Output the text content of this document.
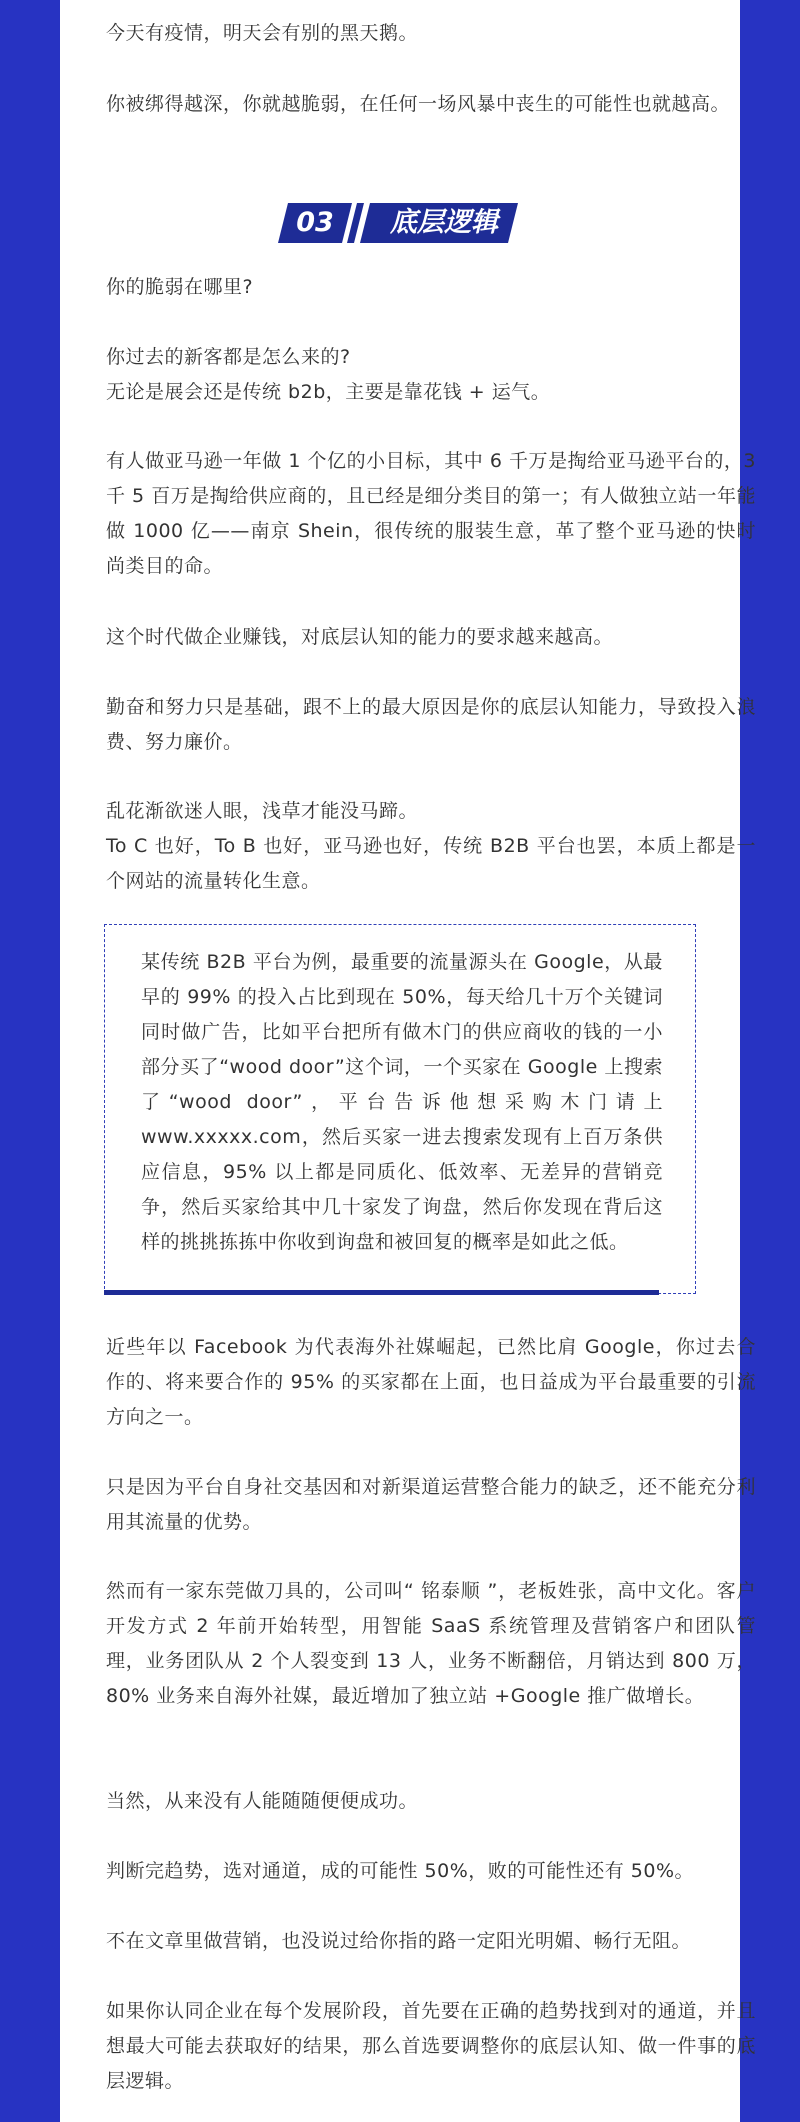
今天有疫情，明天会有别的黑天鹅。

你被绑得越深，你就越脆弱，在任何一场风暴中丧生的可能性也就越高。

03	底层逻辑

你的脆弱在哪里?

你过去的新客都是怎么来的?

无论是展会还是传统 b2b，主要是靠花钱 + 运气。

有人做亚马逊一年做 1 个亿的小目标，其中 6 千万是掏给亚马逊平台的，3 千 5 百万是掏给供应商的，且已经是细分类目的第一；有人做独立站一年能做 1000 亿——南京 Shein，很传统的服装生意，革了整个亚马逊的快时尚类目的命。

这个时代做企业赚钱，对底层认知的能力的要求越来越高。

勤奋和努力只是基础，跟不上的最大原因是你的底层认知能力，导致投入浪费、努力廉价。

乱花渐欲迷人眼，浅草才能没马蹄。

To C 也好，To B 也好，亚马逊也好，传统 B2B 平台也罢，本质上都是一个网站的流量转化生意。

某传统 B2B 平台为例，最重要的流量源头在 Google，从最早的 99% 的投入占比到现在 50%，每天给几十万个关键词同时做广告，比如平台把所有做木门的供应商收的钱的一小部分买了“wood door”这个词，一个买家在 Google 上搜索了“wood door”，平台告诉他想采购木门请上 www.xxxxx.com，然后买家一进去搜索发现有上百万条供应信息，95% 以上都是同质化、低效率、无差异的营销竞争，然后买家给其中几十家发了询盘，然后你发现在背后这样的挑挑拣拣中你收到询盘和被回复的概率是如此之低。

近些年以 Facebook 为代表海外社媒崛起，已然比肩 Google，你过去合作的、将来要合作的 95% 的买家都在上面，也日益成为平台最重要的引流方向之一。

只是因为平台自身社交基因和对新渠道运营整合能力的缺乏，还不能充分利用其流量的优势。

然而有一家东莞做刀具的，公司叫“ 铭泰顺 ”，老板姓张，高中文化。客户开发方式 2 年前开始转型，用智能 SaaS 系统管理及营销客户和团队管理，业务团队从 2 个人裂变到 13 人，业务不断翻倍，月销达到 800 万，80% 业务来自海外社媒，最近增加了独立站 +Google 推广做增长。

当然，从来没有人能随随便便成功。

判断完趋势，选对通道，成的可能性 50%，败的可能性还有 50%。

不在文章里做营销，也没说过给你指的路一定阳光明媚、畅行无阻。

如果你认同企业在每个发展阶段，首先要在正确的趋势找到对的通道，并且想最大可能去获取好的结果，那么首选要调整你的底层认知、做一件事的底层逻辑。
